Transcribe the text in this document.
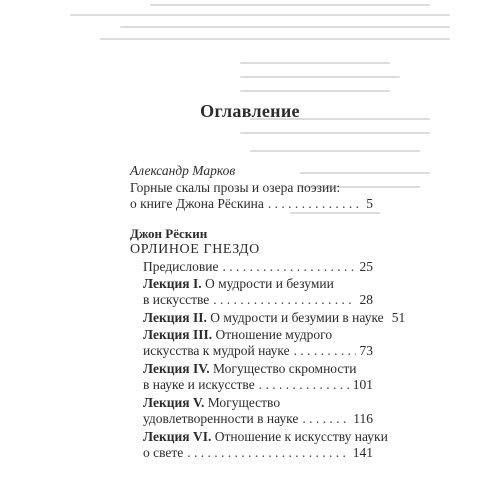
Оглавление
Александр Марков
Горные скалы прозы и озера поэзии:
о книге Джона Рёскина . . .	5
Джон Рёскин
ОРЛИНОЕ ГНЕЗДО
Предисловие . . .	25
Лекция I. О мудрости и безумии
в искусстве . . .	28
Лекция II. О мудрости и безумии в науке 51
Лекция III. Отношение мудрого
искусства к мудрой науке . . .	73
Лекция IV. Могущество скромности
в науке и искусстве . . .	101
Лекция V. Могущество
удовлетворенности в науке . . .	116
Лекция VI. Отношение к искусству науки
о свете . . .	141
